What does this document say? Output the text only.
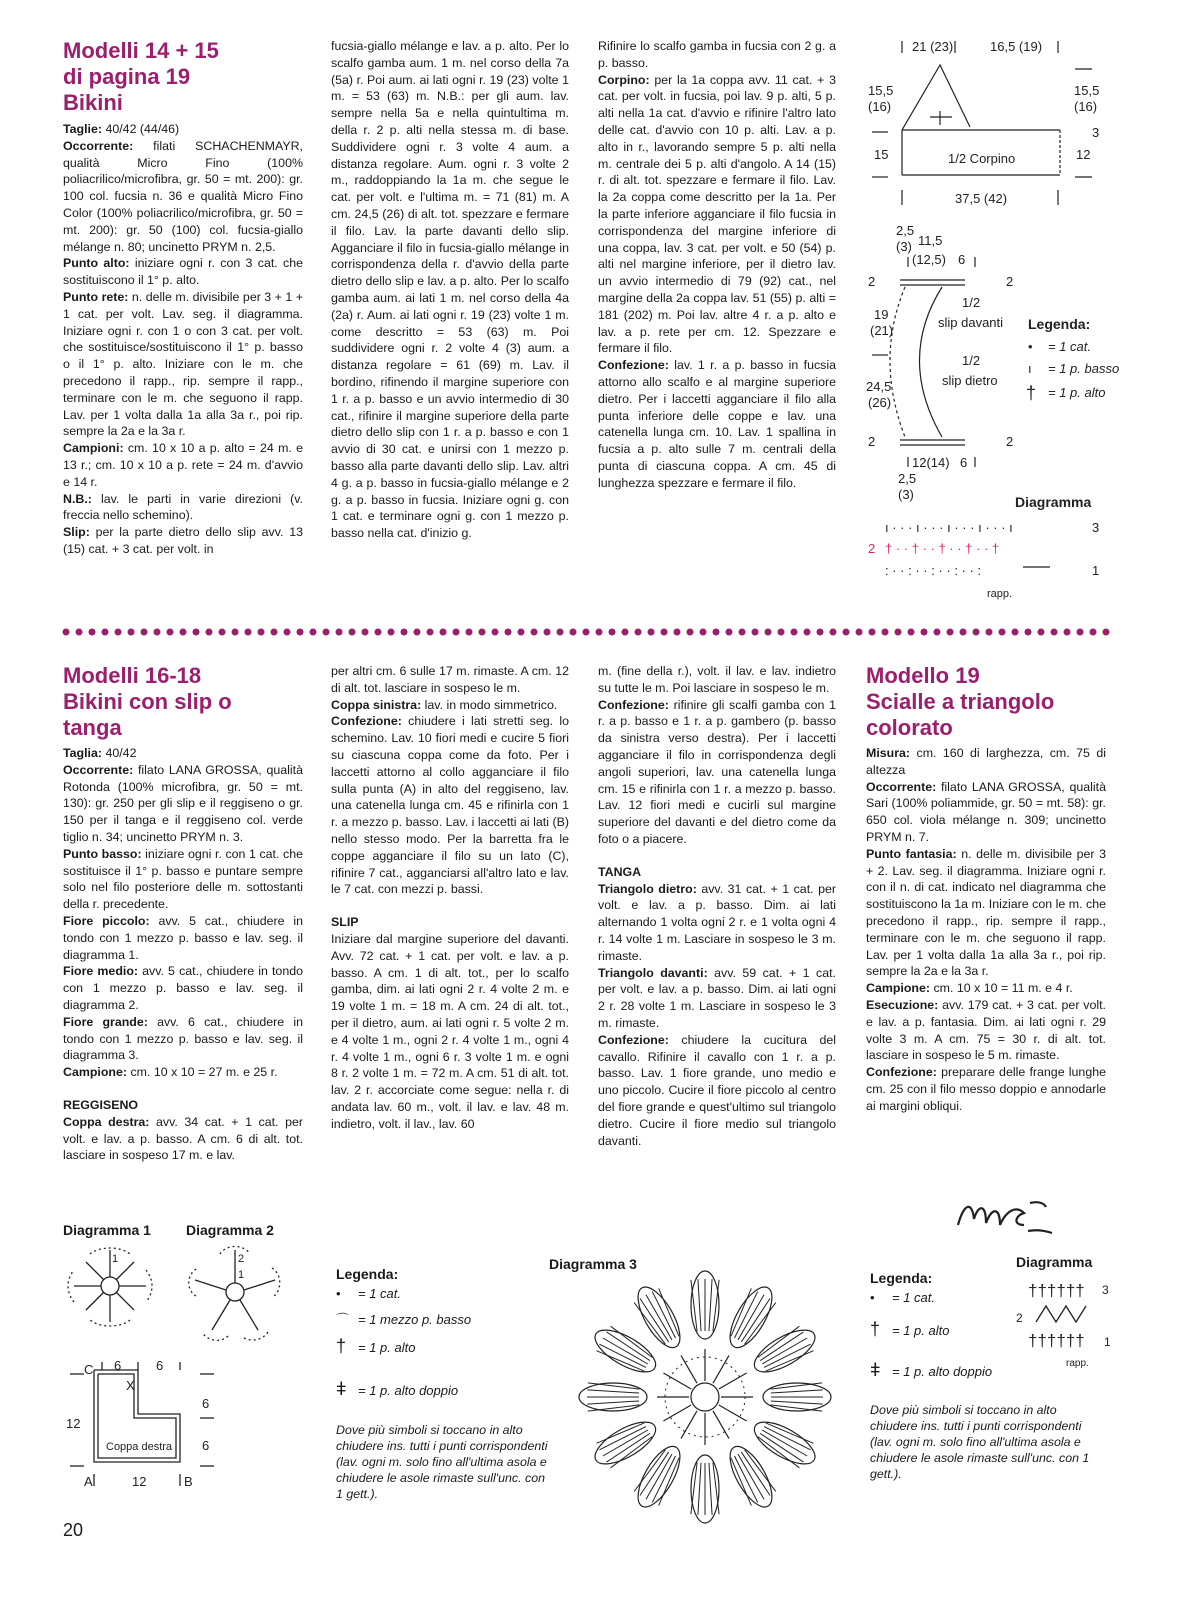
Modelli 14 + 15
di pagina 19
Bikini

Taglie: 40/42 (44/46)

Occorrente: filati SCHACHENMAYR, qualità Micro Fino (100% poliacrilico/microfibra, gr. 50 = mt. 200): gr. 100 col. fucsia n. 36 e qualità Micro Fino Color (100% poliacrilico/microfibra, gr. 50 = mt. 200): gr. 50 (100) col. fucsia-giallo mélange n. 80; uncinetto PRYM n. 2,5.

Punto alto: iniziare ogni r. con 3 cat. che sostituiscono il 1° p. alto.

Punto rete: n. delle m. divisibile per 3 + 1 + 1 cat. per volt. Lav. seg. il diagramma. Iniziare ogni r. con 1 o con 3 cat. per volt. che sostituisce/sostituiscono il 1° p. basso o il 1° p. alto. Iniziare con le m. che precedono il rapp., rip. sempre il rapp., terminare con le m. che seguono il rapp. Lav. per 1 volta dalla 1a alla 3a r., poi rip. sempre la 2a e la 3a r.

Campioni: cm. 10 x 10 a p. alto = 24 m. e 13 r.; cm. 10 x 10 a p. rete = 24 m. d'avvio e 14 r.

N.B.: lav. le parti in varie direzioni (v. freccia nello schemino).

Slip: per la parte dietro dello slip avv. 13 (15) cat. + 3 cat. per volt. in

fucsia-giallo mélange e lav. a p. alto. Per lo scalfo gamba aum. 1 m. nel corso della 7a (5a) r. Poi aum. ai lati ogni r. 19 (23) volte 1 m. = 53 (63) m. N.B.: per gli aum. lav. sempre nella 5a e nella quintultima m. della r. 2 p. alti nella stessa m. di base. Suddividere ogni r. 3 volte 4 aum. a distanza regolare. Aum. ogni r. 3 volte 2 m., raddoppiando la 1a m. che segue le cat. per volt. e l'ultima m. = 71 (81) m. A cm. 24,5 (26) di alt. tot. spezzare e fermare il filo. Lav. la parte davanti dello slip. Agganciare il filo in fucsia-giallo mélange in corrispondenza della r. d'avvio della parte dietro dello slip e lav. a p. alto. Per lo scalfo gamba aum. ai lati 1 m. nel corso della 4a (2a) r. Aum. ai lati ogni r. 19 (23) volte 1 m. come descritto = 53 (63) m. Poi suddividere ogni r. 2 volte 4 (3) aum. a distanza regolare = 61 (69) m. Lav. il bordino, rifinendo il margine superiore con 1 r. a p. basso e un avvio intermedio di 30 cat., rifinire il margine superiore della parte dietro dello slip con 1 r. a p. basso e con 1 avvio di 30 cat. e unirsi con 1 mezzo p. basso alla parte davanti dello slip. Lav. altri 4 g. a p. basso in fucsia-giallo mélange e 2 g. a p. basso in fucsia. Iniziare ogni g. con 1 cat. e terminare ogni g. con 1 mezzo p. basso nella cat. d'inizio g.

Rifinire lo scalfo gamba in fucsia con 2 g. a p. basso.

Corpino: per la 1a coppa avv. 11 cat. + 3 cat. per volt. in fucsia, poi lav. 9 p. alti, 5 p. alti nella 1a cat. d'avvio e rifinire l'altro lato delle cat. d'avvio con 10 p. alti. Lav. a p. alto in r., lavorando sempre 5 p. alti nella m. centrale dei 5 p. alti d'angolo. A 14 (15) r. di alt. tot. spezzare e fermare il filo. Lav. la 2a coppa come descritto per la 1a. Per la parte inferiore agganciare il filo fucsia in corrispondenza del margine inferiore di una coppa, lav. 3 cat. per volt. e 50 (54) p. alti nel margine inferiore, per il dietro lav. un avvio intermedio di 79 (92) cat., nel margine della 2a coppa lav. 51 (55) p. alti = 181 (202) m. Poi lav. altre 4 r. a p. alto e lav. a p. rete per cm. 12. Spezzare e fermare il filo.

Confezione: lav. 1 r. a p. basso in fucsia attorno allo scalfo e al margine superiore dietro. Per i laccetti agganciare il filo alla punta inferiore delle coppe e lav. una catenella lunga cm. 10. Lav. 1 spallina in fucsia a p. alto sulle 7 m. centrali della punta di ciascuna coppa. A cm. 45 di lunghezza spezzare e fermare il filo.

21 (23)	16,5 (19)
15,5
(16)
15,5
(16)
15	12
3
1/2 Corpino
37,5 (42)
2,5
(3) 11,5
(12,5) 6
2	2
2	2
19
(21)
24,5
(26)
1/2
slip davanti
1/2
slip dietro
12(14) 6
2,5
(3)
Legenda:
• = 1 cat.
ı = 1 p. basso
† = 1 p. alto
Diagramma
3
2
1
rapp.
ı · · · ı · · · ı · · · ı · · · ı
† · · † · · † · · † · · †
: · · : · · : · · : · · :
Modelli 16-18
Bikini con slip o
tanga

Taglia: 40/42

Occorrente: filato LANA GROSSA, qualità Rotonda (100% microfibra, gr. 50 = mt. 130): gr. 250 per gli slip e il reggiseno o gr. 150 per il tanga e il reggiseno col. verde tiglio n. 34; uncinetto PRYM n. 3.

Punto basso: iniziare ogni r. con 1 cat. che sostituisce il 1° p. basso e puntare sempre solo nel filo posteriore delle m. sottostanti della r. precedente.

Fiore piccolo: avv. 5 cat., chiudere in tondo con 1 mezzo p. basso e lav. seg. il diagramma 1.

Fiore medio: avv. 5 cat., chiudere in tondo con 1 mezzo p. basso e lav. seg. il diagramma 2.

Fiore grande: avv. 6 cat., chiudere in tondo con 1 mezzo p. basso e lav. seg. il diagramma 3.

Campione: cm. 10 x 10 = 27 m. e 25 r.

REGGISENO

Coppa destra: avv. 34 cat. + 1 cat. per volt. e lav. a p. basso. A cm. 6 di alt. tot. lasciare in sospeso 17 m. e lav.

per altri cm. 6 sulle 17 m. rimaste. A cm. 12 di alt. tot. lasciare in sospeso le m.

Coppa sinistra: lav. in modo simmetrico.

Confezione: chiudere i lati stretti seg. lo schemino. Lav. 10 fiori medi e cucire 5 fiori su ciascuna coppa come da foto. Per i laccetti attorno al collo agganciare il filo sulla punta (A) in alto del reggiseno, lav. una catenella lunga cm. 45 e rifinirla con 1 r. a mezzo p. basso. Lav. i laccetti ai lati (B) nello stesso modo. Per la barretta fra le coppe agganciare il filo su un lato (C), rifinire 7 cat., agganciarsi all'altro lato e lav. le 7 cat. con mezzi p. bassi.

SLIP

Iniziare dal margine superiore del davanti. Avv. 72 cat. + 1 cat. per volt. e lav. a p. basso. A cm. 1 di alt. tot., per lo scalfo gamba, dim. ai lati ogni 2 r. 4 volte 2 m. e 19 volte 1 m. = 18 m. A cm. 24 di alt. tot., per il dietro, aum. ai lati ogni r. 5 volte 2 m. e 4 volte 1 m., ogni 2 r. 4 volte 1 m., ogni 4 r. 4 volte 1 m., ogni 6 r. 3 volte 1 m. e ogni 8 r. 2 volte 1 m. = 72 m. A cm. 51 di alt. tot. lav. 2 r. accorciate come segue: nella r. di andata lav. 60 m., volt. il lav. e lav. 48 m. indietro, volt. il lav., lav. 60

m. (fine della r.), volt. il lav. e lav. indietro su tutte le m. Poi lasciare in sospeso le m.

Confezione: rifinire gli scalfi gamba con 1 r. a p. basso e 1 r. a p. gambero (p. basso da sinistra verso destra). Per i laccetti agganciare il filo in corrispondenza degli angoli superiori, lav. una catenella lunga cm. 15 e rifinirla con 1 r. a mezzo p. basso. Lav. 12 fiori medi e cucirli sul margine superiore del davanti e del dietro come da foto o a piacere.

TANGA

Triangolo dietro: avv. 31 cat. + 1 cat. per volt. e lav. a p. basso. Dim. ai lati alternando 1 volta ogni 2 r. e 1 volta ogni 4 r. 14 volte 1 m. Lasciare in sospeso le 3 m. rimaste.

Triangolo davanti: avv. 59 cat. + 1 cat. per volt. e lav. a p. basso. Dim. ai lati ogni 2 r. 28 volte 1 m. Lasciare in sospeso le 3 m. rimaste.

Confezione: chiudere la cucitura del cavallo. Rifinire il cavallo con 1 r. a p. basso. Lav. 1 fiore grande, uno medio e uno piccolo. Cucire il fiore piccolo al centro del fiore grande e quest'ultimo sul triangolo dietro. Cucire il fiore medio sul triangolo davanti.

Modello 19
Scialle a triangolo
colorato

Misura: cm. 160 di larghezza, cm. 75 di altezza

Occorrente: filato LANA GROSSA, qualità Sari (100% poliammide, gr. 50 = mt. 58): gr. 650 col. viola mélange n. 309; uncinetto PRYM n. 7.

Punto fantasia: n. delle m. divisibile per 3 + 2. Lav. seg. il diagramma. Iniziare ogni r. con il n. di cat. indicato nel diagramma che sostituiscono la 1a m. Iniziare con le m. che precedono il rapp., rip. sempre il rapp., terminare con le m. che seguono il rapp. Lav. per 1 volta dalla 1a alla 3a r., poi rip. sempre la 2a e la 3a r.

Campione: cm. 10 x 10 = 11 m. e 4 r.

Esecuzione: avv. 179 cat. + 3 cat. per volt. e lav. a p. fantasia. Dim. ai lati ogni r. 29 volte 3 m. A cm. 75 = 30 r. di alt. tot. lasciare in sospeso le 5 m. rimaste.

Confezione: preparare delle frange lunghe cm. 25 con il filo messo doppio e annodarle ai margini obliqui.

Diagramma 1	Diagramma 2
1	2
1
C 6	6
X
6
6
12
Coppa destra
A	12	B
Legenda:
• = 1 cat.
⌒ = 1 mezzo p. basso
† = 1 p. alto
ǂ = 1 p. alto doppio
Dove più simboli si toccano in alto chiudere ins. tutti i punti corrispondenti (lav. ogni m. solo fino all'ultima asola e chiudere le asole rimaste sull'unc. con 1 gett.).
Diagramma 3
Legenda:
• = 1 cat.
† = 1 p. alto
ǂ = 1 p. alto doppio
Diagramma
††††††
††††††
3
2
1
rapp.
Dove più simboli si toccano in alto chiudere ins. tutti i punti corrispondenti (lav. ogni m. solo fino all'ultima asola e chiudere le asole rimaste sull'unc. con 1 gett.).
20
